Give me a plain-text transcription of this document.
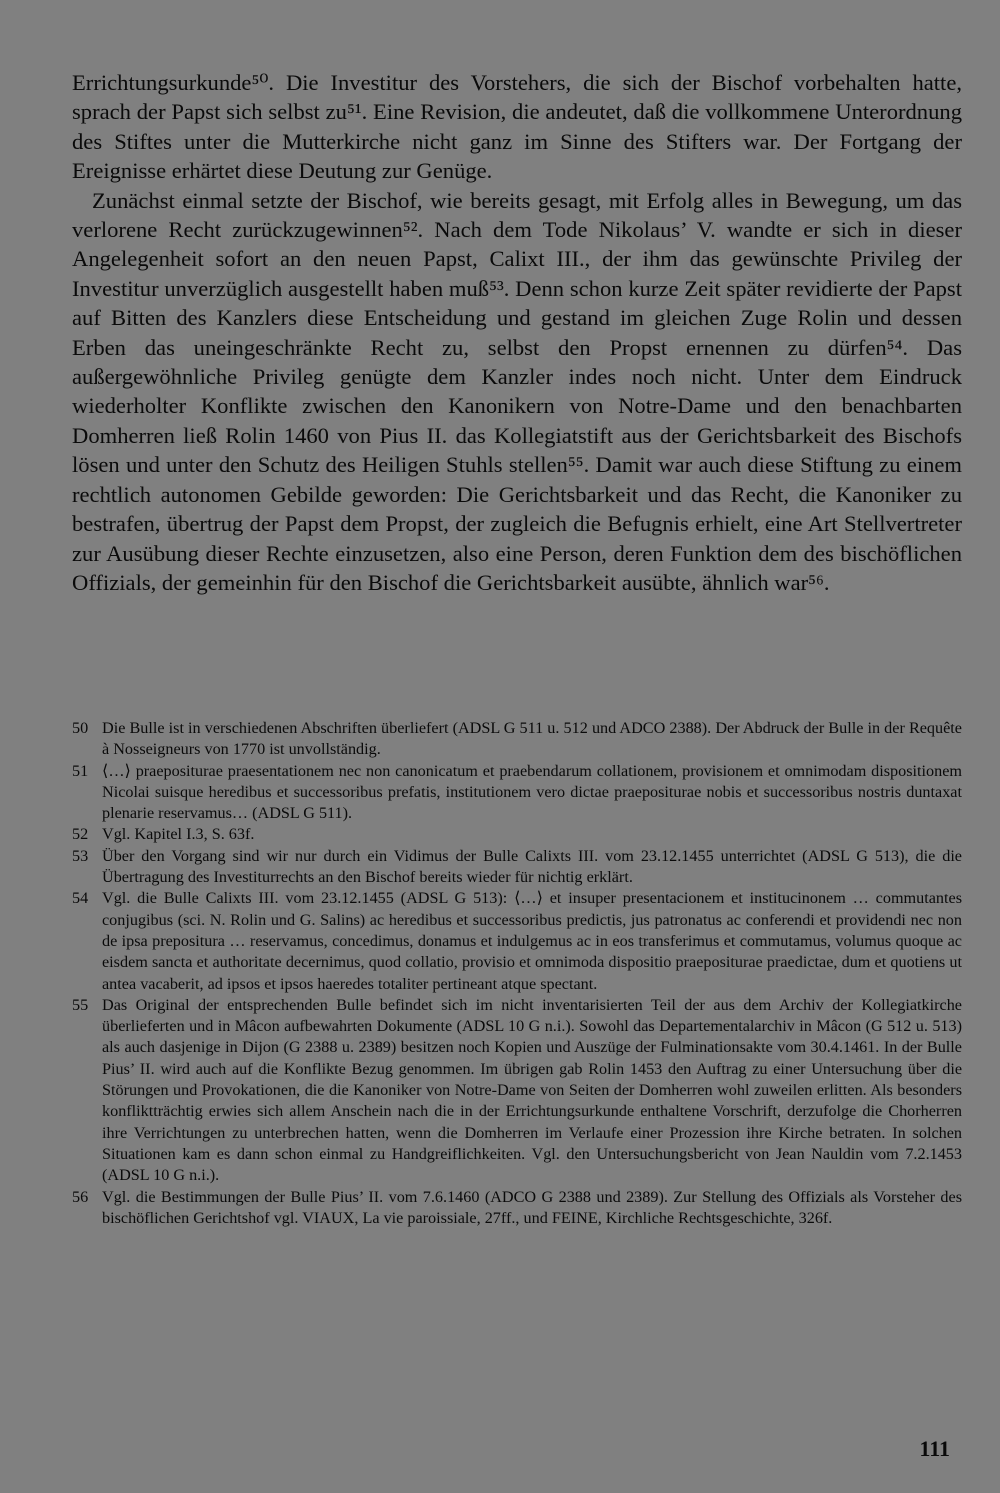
Errichtungsurkunde⁵⁰. Die Investitur des Vorstehers, die sich der Bischof vorbehalten hatte, sprach der Papst sich selbst zu⁵¹. Eine Revision, die andeutet, daß die vollkommene Unterordnung des Stiftes unter die Mutterkirche nicht ganz im Sinne des Stifters war. Der Fortgang der Ereignisse erhärtet diese Deutung zur Genüge.

Zunächst einmal setzte der Bischof, wie bereits gesagt, mit Erfolg alles in Bewegung, um das verlorene Recht zurückzugewinnen⁵². Nach dem Tode Nikolaus’ V. wandte er sich in dieser Angelegenheit sofort an den neuen Papst, Calixt III., der ihm das gewünschte Privileg der Investitur unverzüglich ausgestellt haben muß⁵³. Denn schon kurze Zeit später revidierte der Papst auf Bitten des Kanzlers diese Entscheidung und gestand im gleichen Zuge Rolin und dessen Erben das uneingeschränkte Recht zu, selbst den Propst ernennen zu dürfen⁵⁴. Das außergewöhnliche Privileg genügte dem Kanzler indes noch nicht. Unter dem Eindruck wiederholter Konflikte zwischen den Kanonikern von Notre-Dame und den benachbarten Domherren ließ Rolin 1460 von Pius II. das Kollegiatstift aus der Gerichtsbarkeit des Bischofs lösen und unter den Schutz des Heiligen Stuhls stellen⁵⁵. Damit war auch diese Stiftung zu einem rechtlich autonomen Gebilde geworden: Die Gerichtsbarkeit und das Recht, die Kanoniker zu bestrafen, übertrug der Papst dem Propst, der zugleich die Befugnis erhielt, eine Art Stellvertreter zur Ausübung dieser Rechte einzusetzen, also eine Person, deren Funktion dem des bischöflichen Offizials, der gemeinhin für den Bischof die Gerichtsbarkeit ausübte, ähnlich war⁵⁶.

50 Die Bulle ist in verschiedenen Abschriften überliefert (ADSL G 511 u. 512 und ADCO 2388). Der Abdruck der Bulle in der Requête à Nosseigneurs von 1770 ist unvollständig.
51 ⟨…⟩ praepositurae praesentationem nec non canonicatum et praebendarum collationem, provisionem et omnimodam dispositionem Nicolai suisque heredibus et successoribus prefatis, institutionem vero dictae praepositurae nobis et successoribus nostris duntaxat plenarie reservamus… (ADSL G 511).
52 Vgl. Kapitel I.3, S. 63f.
53 Über den Vorgang sind wir nur durch ein Vidimus der Bulle Calixts III. vom 23.12.1455 unterrichtet (ADSL G 513), die die Übertragung des Investiturrechts an den Bischof bereits wieder für nichtig erklärt.
54 Vgl. die Bulle Calixts III. vom 23.12.1455 (ADSL G 513): ⟨…⟩ et insuper presentacionem et institucinonem … commutantes conjugibus (sci. N. Rolin und G. Salins) ac heredibus et successoribus predictis, jus patronatus ac conferendi et providendi nec non de ipsa prepositura … reservamus, concedimus, donamus et indulgemus ac in eos transferimus et commutamus, volumus quoque ac eisdem sancta et authoritate decernimus, quod collatio, provisio et omnimoda dispositio praepositurae praedictae, dum et quotiens ut antea vacaberit, ad ipsos et ipsos haeredes totaliter pertineant atque spectant.
55 Das Original der entsprechenden Bulle befindet sich im nicht inventarisierten Teil der aus dem Archiv der Kollegiatkirche überlieferten und in Mâcon aufbewahrten Dokumente (ADSL 10 G n.i.). Sowohl das Departementalarchiv in Mâcon (G 512 u. 513) als auch dasjenige in Dijon (G 2388 u. 2389) besitzen noch Kopien und Auszüge der Fulminationsakte vom 30.4.1461. In der Bulle Pius’ II. wird auch auf die Konflikte Bezug genommen. Im übrigen gab Rolin 1453 den Auftrag zu einer Untersuchung über die Störungen und Provokationen, die die Kanoniker von Notre-Dame von Seiten der Domherren wohl zuweilen erlitten. Als besonders konfliktträchtig erwies sich allem Anschein nach die in der Errichtungsurkunde enthaltene Vorschrift, derzufolge die Chorherren ihre Verrichtungen zu unterbrechen hatten, wenn die Domherren im Verlaufe einer Prozession ihre Kirche betraten. In solchen Situationen kam es dann schon einmal zu Handgreiflichkeiten. Vgl. den Untersuchungsbericht von Jean Nauldin vom 7.2.1453 (ADSL 10 G n.i.).
56 Vgl. die Bestimmungen der Bulle Pius’ II. vom 7.6.1460 (ADCO G 2388 und 2389). Zur Stellung des Offizials als Vorsteher des bischöflichen Gerichtshof vgl. VIAUX, La vie paroissiale, 27ff., und FEINE, Kirchliche Rechtsgeschichte, 326f.
111
